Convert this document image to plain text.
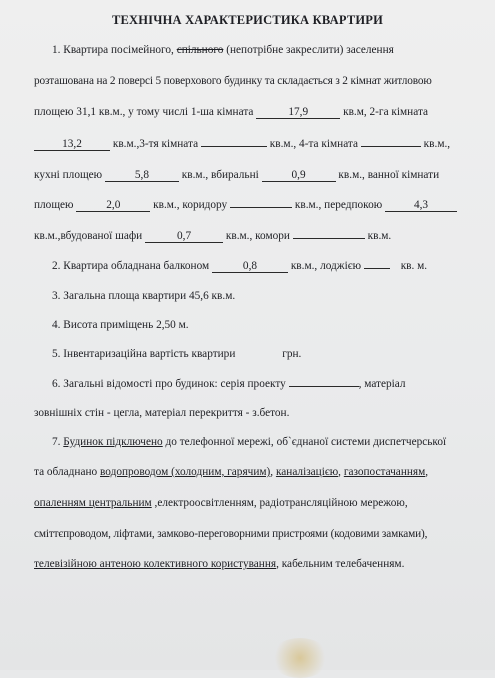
ТЕХНІЧНА ХАРАКТЕРИСТИКА КВАРТИРИ
1. Квартира посімейного, спільного (непотрібне закреслити) заселення
розташована на 2 поверсі 5 поверхового будинку та складається з 2 кімнат житловою
площею 31,1 кв.м., у тому числі 1-ша кімната	17,9	кв.м, 2-га кімната
13,2	кв.м.,3-тя кімната	кв.м., 4-та кімната	кв.м.,
кухні площею	5,8	кв.м., вбиральні	0,9	кв.м., ванної кімнати
площею	2,0	кв.м., коридору	кв.м., передпокою	4,3
кв.м.,вбудованої шафи	0,7	кв.м., комори	кв.м.
2. Квартира обладнана балконом	0,8	кв.м., лоджією	кв. м.
3. Загальна площа квартири 45,6 кв.м.
4. Висота приміщень 2,50 м.
5. Інвентаризаційна вартість квартири	грн.
6. Загальні відомості про будинок: серія проекту	, матеріал
зовнішніх стін - цегла, матеріал перекриття - з.бетон.
7. Будинок підключено до телефонної мережі, об`єднаної системи диспетчерської
та обладнано водопроводом (холодним, гарячим), каналізацією, газопостачанням,
опаленням центральним ,електроосвітленням, радіотрансляційною мережою,
сміттєпроводом, ліфтами, замково-переговорними пристроями (кодовими замками),
телевізійною антеною колективного користування, кабельним телебаченням.
